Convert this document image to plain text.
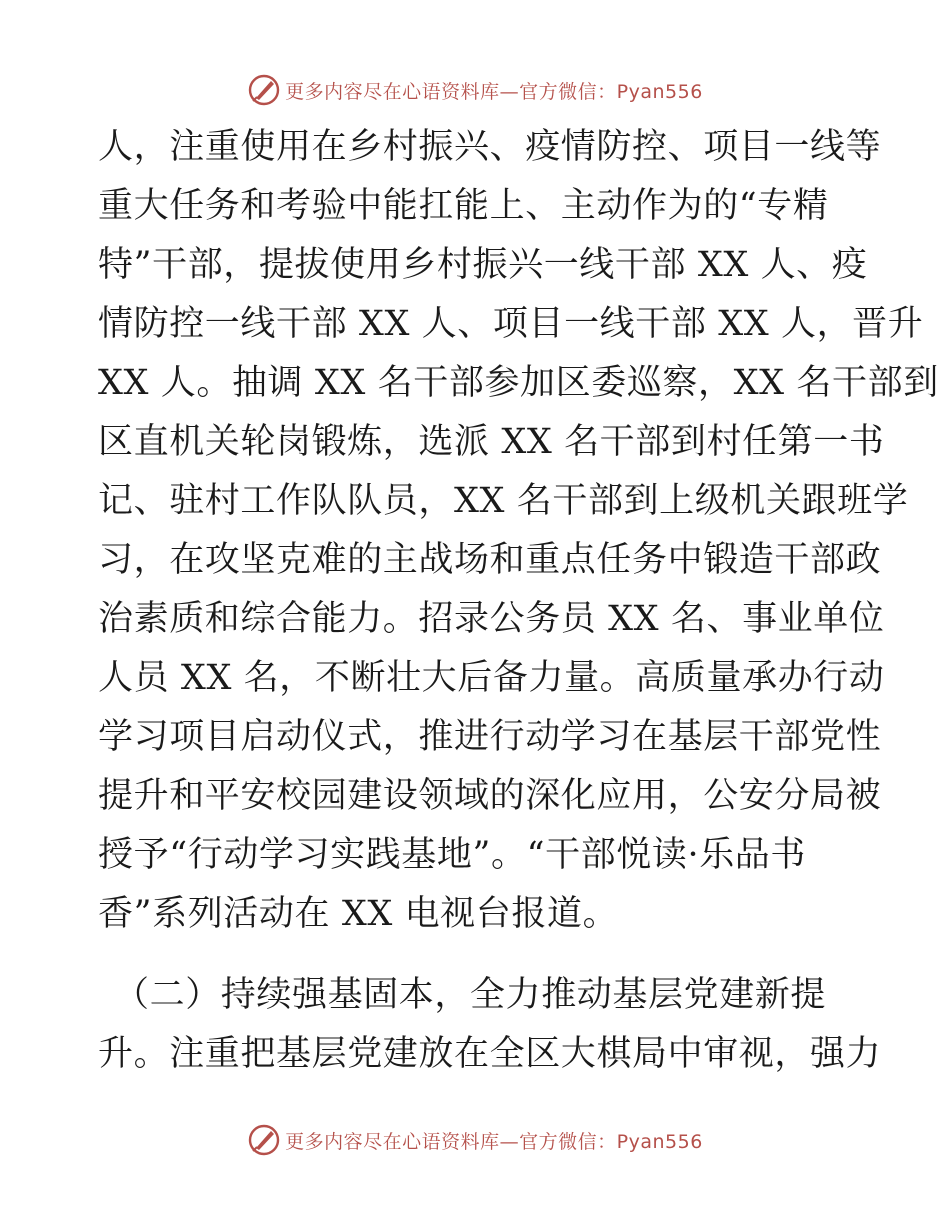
更多内容尽在心语资料库—官方微信：Pyan556
人，注重使用在乡村振兴、疫情防控、项目一线等
重大任务和考验中能扛能上、主动作为的“专精
特”干部，提拔使用乡村振兴一线干部 XX 人、疫
情防控一线干部 XX 人、项目一线干部 XX 人，晋升
XX 人。抽调 XX 名干部参加区委巡察，XX 名干部到
区直机关轮岗锻炼，选派 XX 名干部到村任第一书
记、驻村工作队队员，XX 名干部到上级机关跟班学
习，在攻坚克难的主战场和重点任务中锻造干部政
治素质和综合能力。招录公务员 XX 名、事业单位
人员 XX 名，不断壮大后备力量。高质量承办行动
学习项目启动仪式，推进行动学习在基层干部党性
提升和平安校园建设领域的深化应用，公安分局被
授予“行动学习实践基地”。“干部悦读·乐品书
香”系列活动在 XX 电视台报道。
（二）持续强基固本，全力推动基层党建新提
升。注重把基层党建放在全区大棋局中审视，强力
更多内容尽在心语资料库—官方微信：Pyan556
